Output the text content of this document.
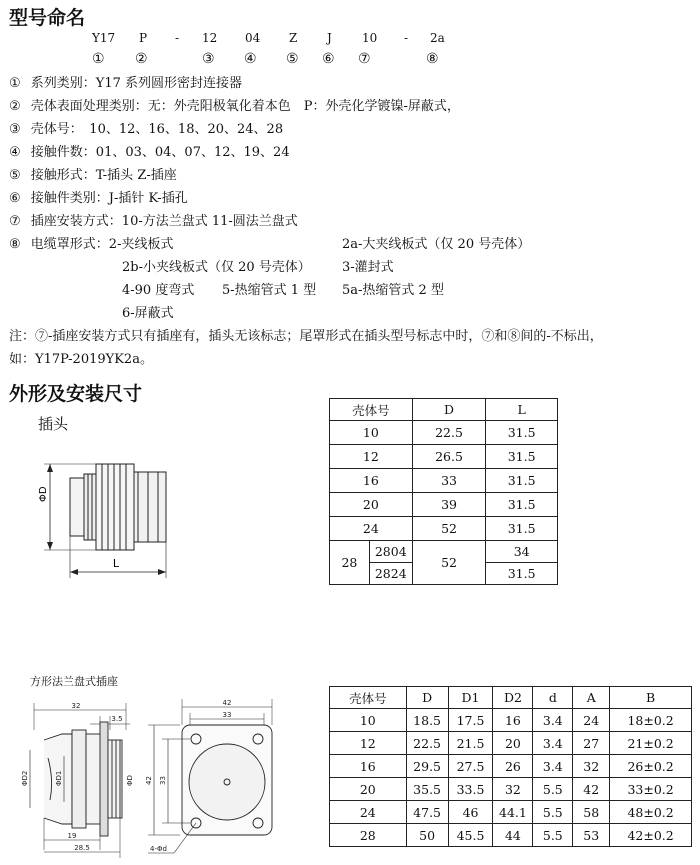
型号命名
Y17 P - 12 04 Z J	10 - 2a
① ②	③ ④ ⑤ ⑥ ⑦	⑧
① 系列类别：Y17 系列圆形密封连接器
② 壳体表面处理类别：无：外壳阳极氧化着本色　P：外壳化学镀镍-屏蔽式，
③ 壳体号：　10、12、16、18、20、24、28
④ 接触件数：01、03、04、07、12、19、24
⑤ 接触形式：T-插头 Z-插座
⑥ 接触件类别：J-插针 K-插孔
⑦ 插座安装方式：10-方法兰盘式 11-圆法兰盘式
⑧ 电缆罩形式：2-夹线板式	2a-大夹线板式（仅 20 号壳体）
2b-小夹线板式（仅 20 号壳体） 3-灌封式
4-90 度弯式 5-热缩管式 1 型 5a-热缩管式 2 型
6-屏蔽式
注：⑦-插座安装方式只有插座有，插头无该标志；尾罩形式在插头型号标志中时，⑦和⑧间的-不标出，
如：Y17P-2019YK2a。
外形及安装尺寸
插头
ΦD
L
壳体号		D	L
10		22.5	31.5
12		26.5	31.5
16		33	31.5
20		39	31.5
24		52	31.5
28	2804	52	34
	2824		31.5
方形法兰盘式插座
32
3.5
19
28.5
ΦD2	ΦD1	ΦD
42
33
33
42
4-Φd
壳体号	D	D1	D2	d	A	B
10	18.5	17.5	16	3.4	24	18±0.2
12	22.5	21.5	20	3.4	27	21±0.2
16	29.5	27.5	26	3.4	32	26±0.2
20	35.5	33.5	32	5.5	42	33±0.2
24	47.5	46	44.1	5.5	58	48±0.2
28	50	45.5	44	5.5	53	42±0.2
